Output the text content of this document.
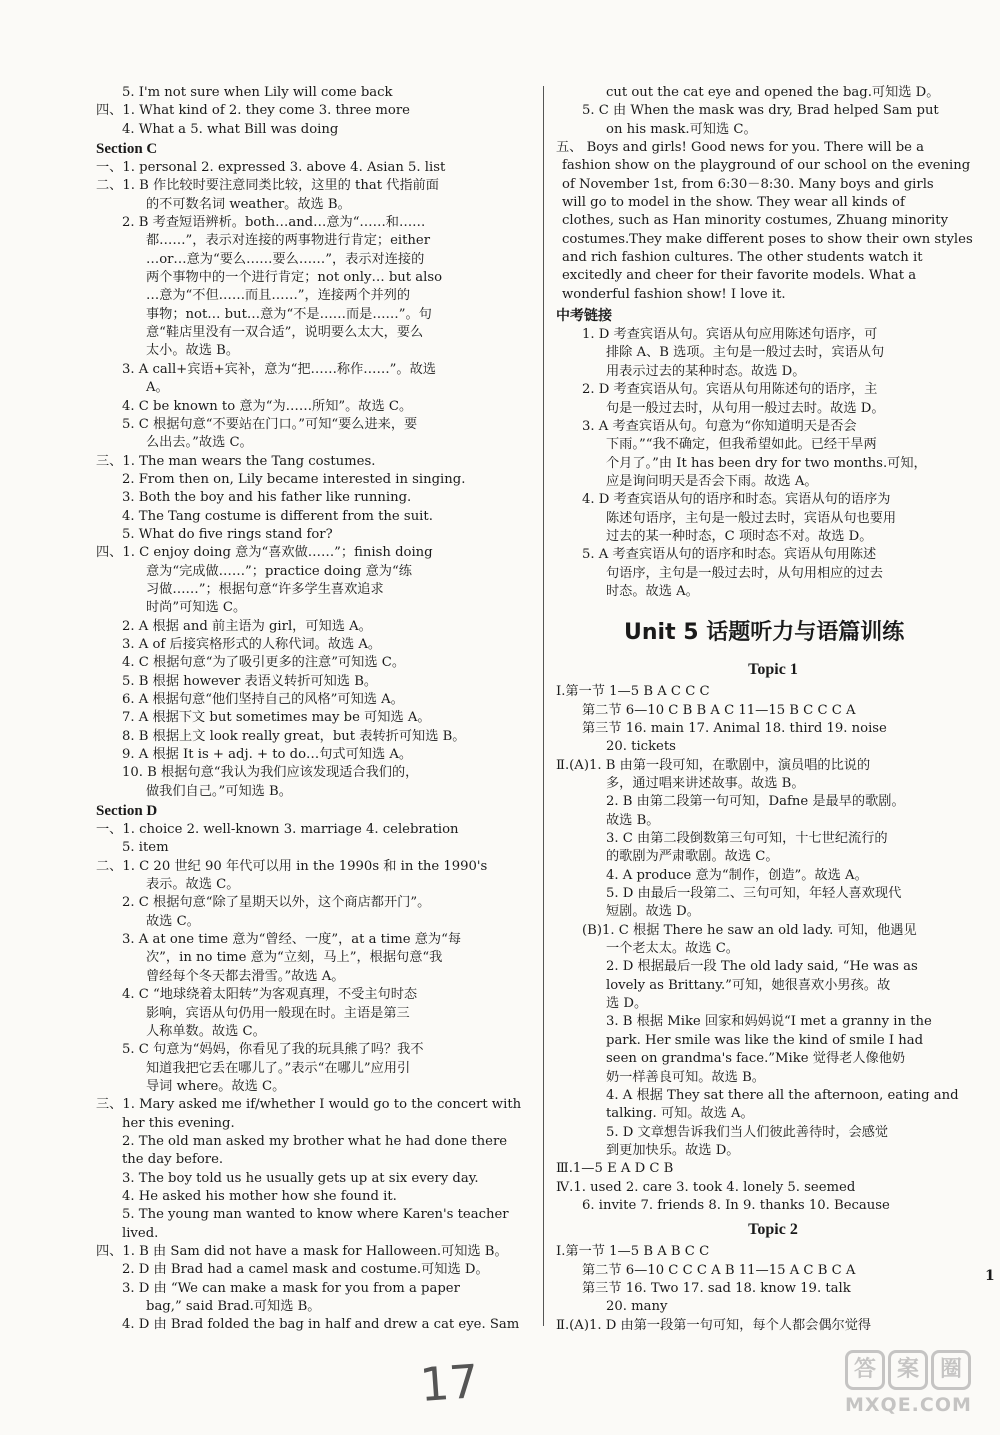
5. I'm not sure when Lily will come back
四、1. What kind of 2. they come 3. three more
4. What a 5. what Bill was doing
Section C
一、1. personal 2. expressed 3. above 4. Asian 5. list
二、1. B 作比较时要注意同类比较，这里的 that 代指前面
的不可数名词 weather。故选 B。
2. B 考查短语辨析。both…and…意为“……和……
都……”，表示对连接的两事物进行肯定；either
…or…意为“要么……要么……”，表示对连接的
两个事物中的一个进行肯定；not only… but also
…意为“不但……而且……”，连接两个并列的
事物；not… but…意为“不是……而是……”。句
意“鞋店里没有一双合适”，说明要么太大，要么
太小。故选 B。
3. A call+宾语+宾补，意为“把……称作……”。故选
A。
4. C be known to 意为“为……所知”。故选 C。
5. C 根据句意“不要站在门口。”可知“要么进来，要
么出去。”故选 C。
三、1. The man wears the Tang costumes.
2. From then on, Lily became interested in singing.
3. Both the boy and his father like running.
4. The Tang costume is different from the suit.
5. What do five rings stand for?
四、1. C enjoy doing 意为“喜欢做……”；finish doing
意为“完成做……”；practice doing 意为“练
习做……”；根据句意“许多学生喜欢追求
时尚”可知选 C。
2. A 根据 and 前主语为 girl，可知选 A。
3. A of 后接宾格形式的人称代词。故选 A。
4. C 根据句意“为了吸引更多的注意”可知选 C。
5. B 根据 however 表语义转折可知选 B。
6. A 根据句意“他们坚持自己的风格”可知选 A。
7. A 根据下文 but sometimes may be 可知选 A。
8. B 根据上文 look really great，but 表转折可知选 B。
9. A 根据 It is + adj. + to do…句式可知选 A。
10. B 根据句意“我认为我们应该发现适合我们的，
做我们自己。”可知选 B。
Section D
一、1. choice 2. well-known 3. marriage 4. celebration
5. item
二、1. C 20 世纪 90 年代可以用 in the 1990s 和 in the 1990's
表示。故选 C。
2. C 根据句意“除了星期天以外，这个商店都开门”。
故选 C。
3. A at one time 意为“曾经、一度”，at a time 意为“每
次”，in no time 意为“立刻，马上”，根据句意“我
曾经每个冬天都去滑雪。”故选 A。
4. C “地球绕着太阳转”为客观真理，不受主句时态
影响，宾语从句仍用一般现在时。主语是第三
人称单数。故选 C。
5. C 句意为“妈妈，你看见了我的玩具熊了吗？我不
知道我把它丢在哪儿了。”表示“在哪儿”应用引
导词 where。故选 C。
三、1. Mary asked me if/whether I would go to the concert with
her this evening.
2. The old man asked my brother what he had done there
the day before.
3. The boy told us he usually gets up at six every day.
4. He asked his mother how she found it.
5. The young man wanted to know where Karen's teacher
lived.
四、1. B 由 Sam did not have a mask for Halloween.可知选 B。
2. D 由 Brad had a camel mask and costume.可知选 D。
3. D 由 “We can make a mask for you from a paper
bag,” said Brad.可知选 B。
4. D 由 Brad folded the bag in half and drew a cat eye. Sam
cut out the cat eye and opened the bag.可知选 D。
5. C 由 When the mask was dry, Brad helped Sam put
on his mask.可知选 C。
五、 Boys and girls! Good news for you. There will be a
fashion show on the playground of our school on the evening
of November 1st, from 6:30－8:30. Many boys and girls
will go to model in the show. They wear all kinds of
clothes, such as Han minority costumes, Zhuang minority
costumes.They make different poses to show their own styles
and rich fashion cultures. The other students watch it
excitedly and cheer for their favorite models. What a
wonderful fashion show! I love it.
中考链接
1. D 考查宾语从句。宾语从句应用陈述句语序，可
排除 A、B 选项。主句是一般过去时，宾语从句
用表示过去的某种时态。故选 D。
2. D 考查宾语从句。宾语从句用陈述句的语序，主
句是一般过去时，从句用一般过去时。故选 D。
3. A 考查宾语从句。句意为“你知道明天是否会
下雨。”“我不确定，但我希望如此。已经干旱两
个月了。”由 It has been dry for two months.可知，
应是询问明天是否会下雨。故选 A。
4. D 考查宾语从句的语序和时态。宾语从句的语序为
陈述句语序，主句是一般过去时，宾语从句也要用
过去的某一种时态，C 项时态不对。故选 D。
5. A 考查宾语从句的语序和时态。宾语从句用陈述
句语序，主句是一般过去时，从句用相应的过去
时态。故选 A。
Unit 5 话题听力与语篇训练
Topic 1
Ⅰ.第一节 1—5 B A C C C
第二节 6—10 C B B A C 11—15 B C C C A
第三节 16. main 17. Animal 18. third 19. noise
20. tickets
Ⅱ.(A)1. B 由第一段可知，在歌剧中，演员唱的比说的
多，通过唱来讲述故事。故选 B。
2. B 由第二段第一句可知，Dafne 是最早的歌剧。
故选 B。
3. C 由第二段倒数第三句可知，十七世纪流行的
的歌剧为严肃歌剧。故选 C。
4. A produce 意为“制作，创造”。故选 A。
5. D 由最后一段第二、三句可知，年轻人喜欢现代
短剧。故选 D。
(B)1. C 根据 There he saw an old lady. 可知，他遇见
一个老太太。故选 C。
2. D 根据最后一段 The old lady said, “He was as
lovely as Brittany.”可知，她很喜欢小男孩。故
选 D。
3. B 根据 Mike 回家和妈妈说“I met a granny in the
park. Her smile was like the kind of smile I had
seen on grandma's face.”Mike 觉得老人像他奶
奶一样善良可知。故选 B。
4. A 根据 They sat there all the afternoon, eating and
talking. 可知。故选 A。
5. D 文章想告诉我们当人们彼此善待时，会感觉
到更加快乐。故选 D。
Ⅲ.1—5 E A D C B
Ⅳ.1. used 2. care 3. took 4. lonely 5. seemed
6. invite 7. friends 8. In 9. thanks 10. Because
Topic 2
Ⅰ.第一节 1—5 B A B C C
第二节 6—10 C C C A B 11—15 A C B C A
第三节 16. Two 17. sad 18. know 19. talk
20. many
Ⅱ.(A)1. D 由第一段第一句可知，每个人都会偶尔觉得
1
17	答 案 圈
MXQE.COM
